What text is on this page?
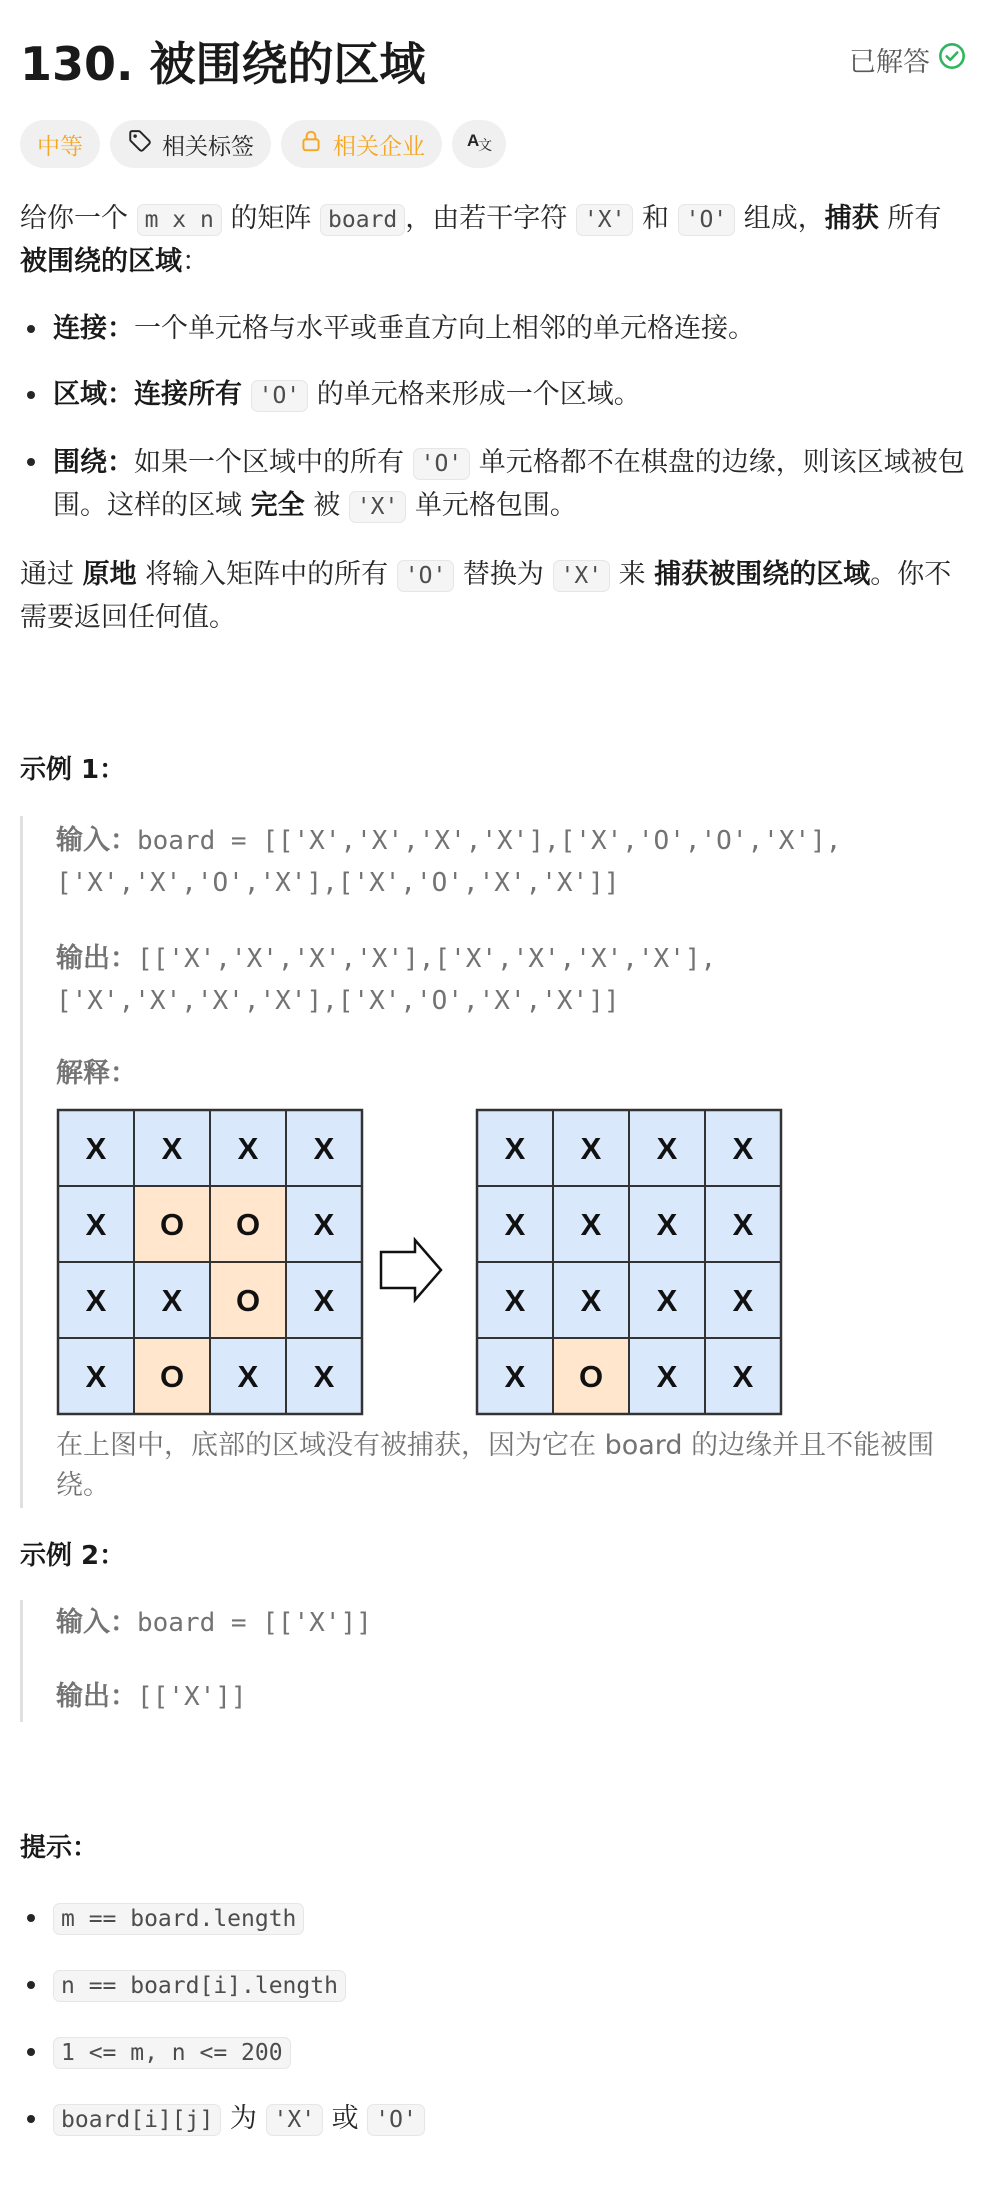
130. 被围绕的区域	已解答
中等	相关标签	相关企业 A
文

给你一个 m x n 的矩阵 board ，由若干字符 'X' 和 'O' 组成，捕获 所有 被围绕的区域：

连接：一个单元格与水平或垂直方向上相邻的单元格连接。
区域：连接所有 'O' 的单元格来形成一个区域。
围绕：如果一个区域中的所有 'O' 单元格都不在棋盘的边缘，则该区域被包围。这样的区域 完全 被 'X' 单元格包围。

通过 原地 将输入矩阵中的所有 'O' 替换为 'X' 来 捕获被围绕的区域。你不需要返回任何值。

示例 1：

输入：board = [['X','X','X','X'],['X','O','O','X'],['X','X','O','X'],['X','O','X','X']]

输出：[['X','X','X','X'],['X','X','X','X'],['X','X','X','X'],['X','O','X','X']]

解释：

X X X X
X O O X
X X O X
X O X X
X X X X
X X X X
X X X X
X O X X

在上图中，底部的区域没有被捕获，因为它在 board 的边缘并且不能被围绕。

示例 2：

输入：board = [['X']]

输出：[['X']]

提示：
m == board.length
n == board[i].length
1 <= m, n <= 200
board[i][j] 为 'X' 或 'O'
